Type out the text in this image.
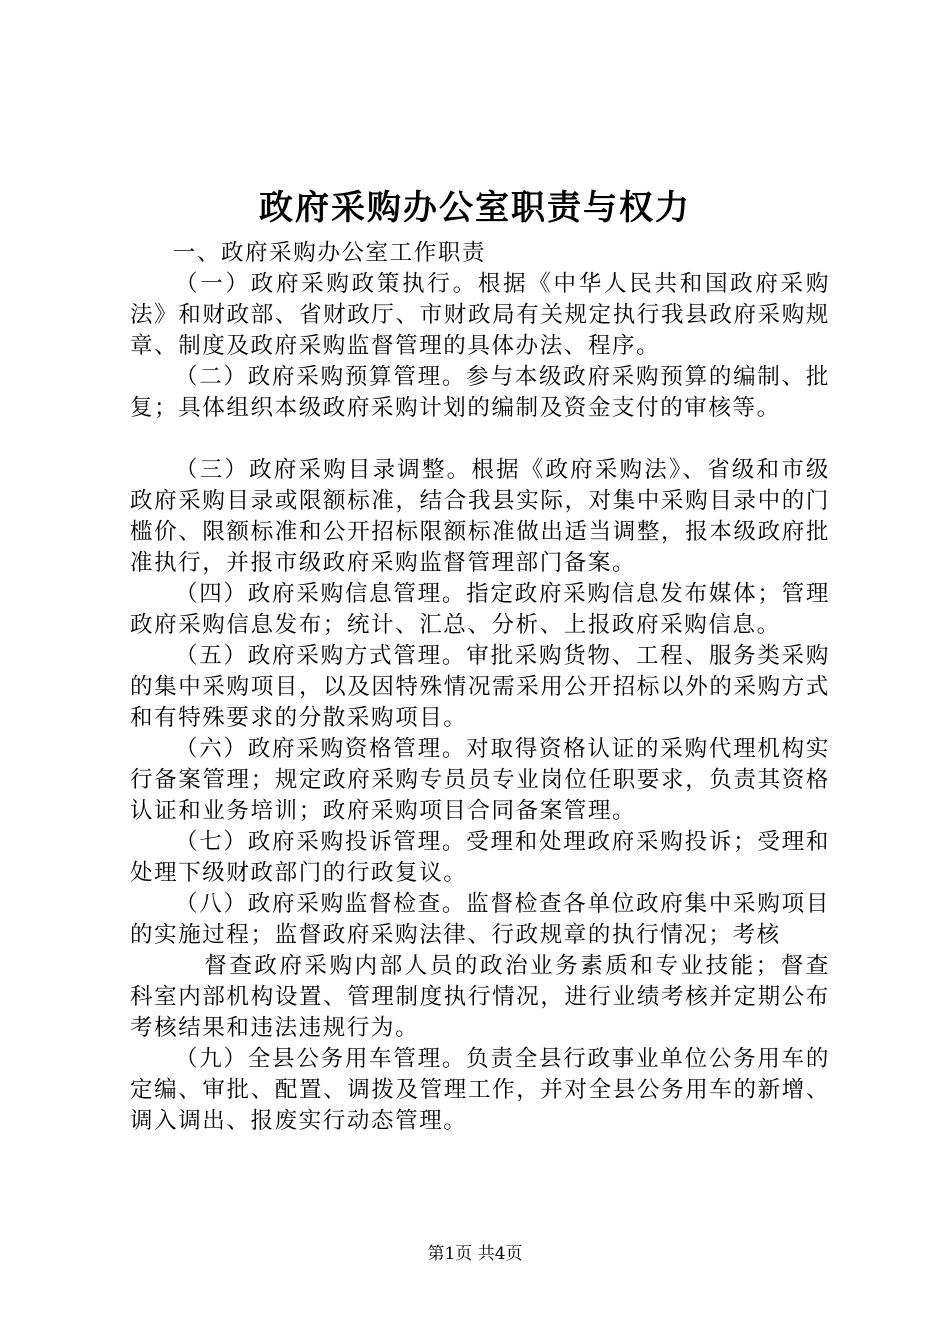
政府采购办公室职责与权力

一、政府采购办公室工作职责

（一）政府采购政策执行。根据《中华人民共和国政府采购法》和财政部、省财政厅、市财政局有关规定执行我县政府采购规章、制度及政府采购监督管理的具体办法、程序。

（二）政府采购预算管理。参与本级政府采购预算的编制、批复；具体组织本级政府采购计划的编制及资金支付的审核等。

（三）政府采购目录调整。根据《政府采购法》、省级和市级政府采购目录或限额标准，结合我县实际，对集中采购目录中的门槛价、限额标准和公开招标限额标准做出适当调整，报本级政府批准执行，并报市级政府采购监督管理部门备案。

（四）政府采购信息管理。指定政府采购信息发布媒体；管理政府采购信息发布；统计、汇总、分析、上报政府采购信息。

（五）政府采购方式管理。审批采购货物、工程、服务类采购的集中采购项目，以及因特殊情况需采用公开招标以外的采购方式和有特殊要求的分散采购项目。

（六）政府采购资格管理。对取得资格认证的采购代理机构实行备案管理；规定政府采购专员员专业岗位任职要求，负责其资格认证和业务培训；政府采购项目合同备案管理。

（七）政府采购投诉管理。受理和处理政府采购投诉；受理和处理下级财政部门的行政复议。

（八）政府采购监督检查。监督检查各单位政府集中采购项目的实施过程；监督政府采购法律、行政规章的执行情况；考核

督查政府采购内部人员的政治业务素质和专业技能；督查科室内部机构设置、管理制度执行情况，进行业绩考核并定期公布考核结果和违法违规行为。

（九）全县公务用车管理。负责全县行政事业单位公务用车的定编、审批、配置、调拨及管理工作，并对全县公务用车的新增、调入调出、报废实行动态管理。

第1页 共4页
